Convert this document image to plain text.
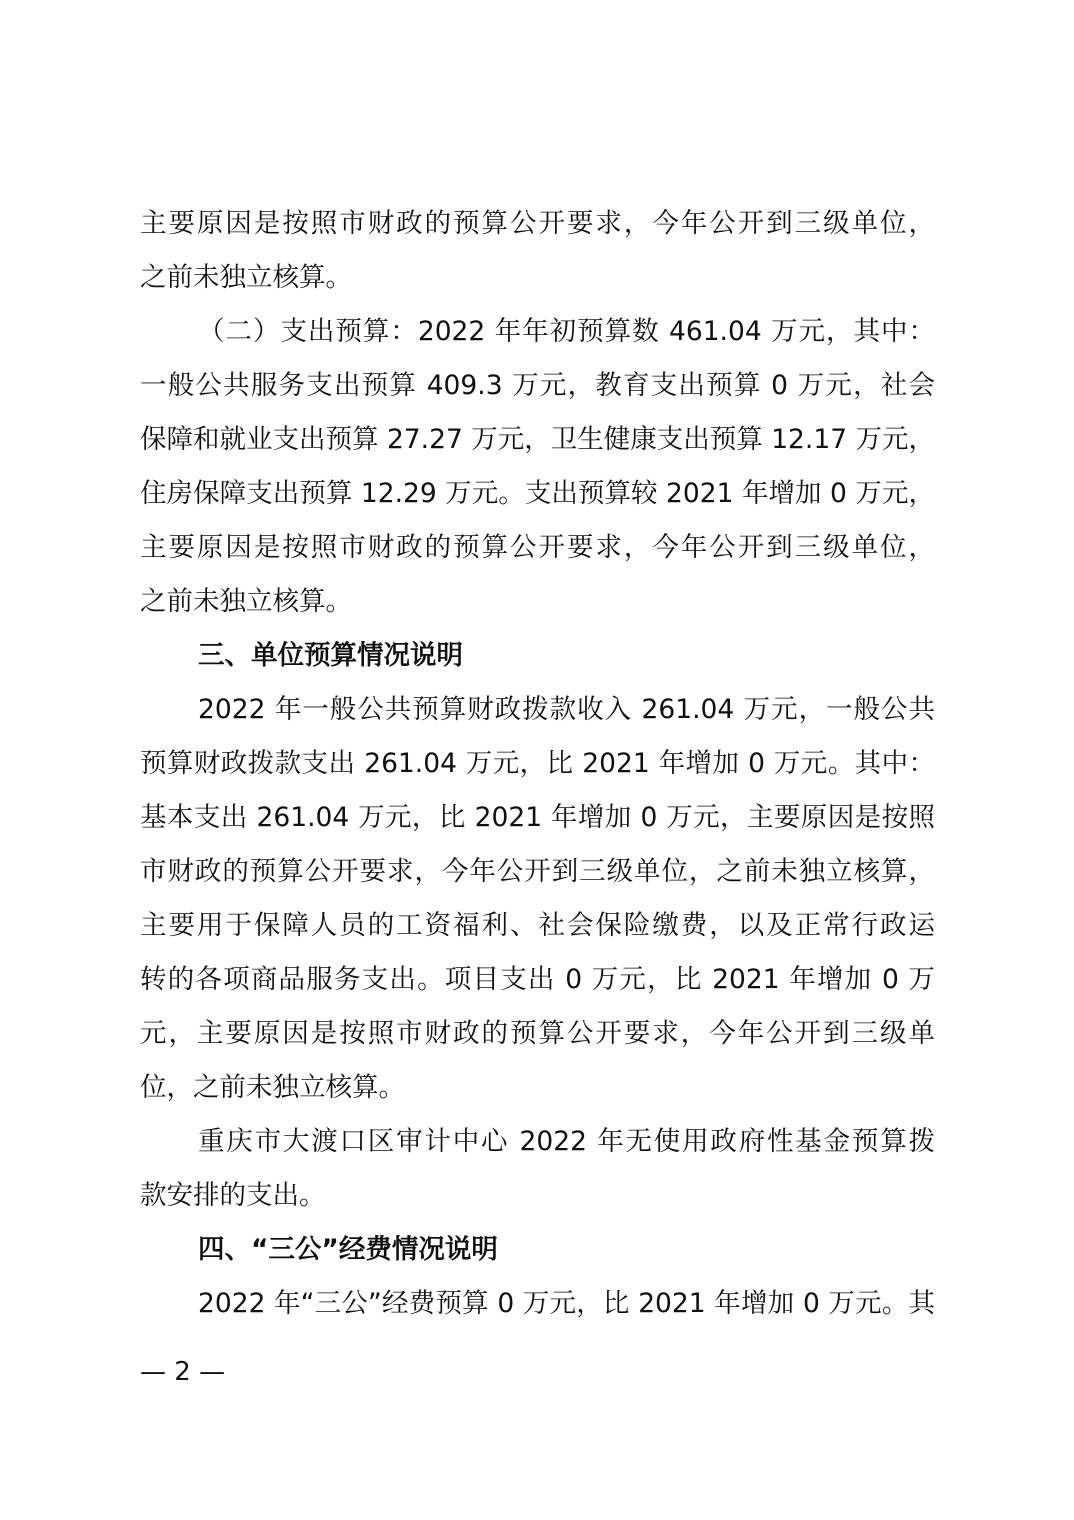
主要原因是按照市财政的预算公开要求，今年公开到三级单位，
之前未独立核算。
（二）支出预算：2022 年年初预算数 461.04 万元，其中：
一般公共服务支出预算 409.3 万元，教育支出预算 0 万元，社会
保障和就业支出预算 27.27 万元，卫生健康支出预算 12.17 万元，
住房保障支出预算 12.29 万元。支出预算较 2021 年增加 0 万元，
主要原因是按照市财政的预算公开要求，今年公开到三级单位，
之前未独立核算。
三、单位预算情况说明
2022 年一般公共预算财政拨款收入 261.04 万元，一般公共
预算财政拨款支出 261.04 万元，比 2021 年增加 0 万元。其中：
基本支出 261.04 万元，比 2021 年增加 0 万元，主要原因是按照
市财政的预算公开要求，今年公开到三级单位，之前未独立核算，
主要用于保障人员的工资福利、社会保险缴费，以及正常行政运
转的各项商品服务支出。项目支出 0 万元，比 2021 年增加 0 万
元，主要原因是按照市财政的预算公开要求，今年公开到三级单
位，之前未独立核算。
重庆市大渡口区审计中心 2022 年无使用政府性基金预算拨
款安排的支出。
四、“三公”经费情况说明
2022 年“三公”经费预算 0 万元，比 2021 年增加 0 万元。其
— 2 —
